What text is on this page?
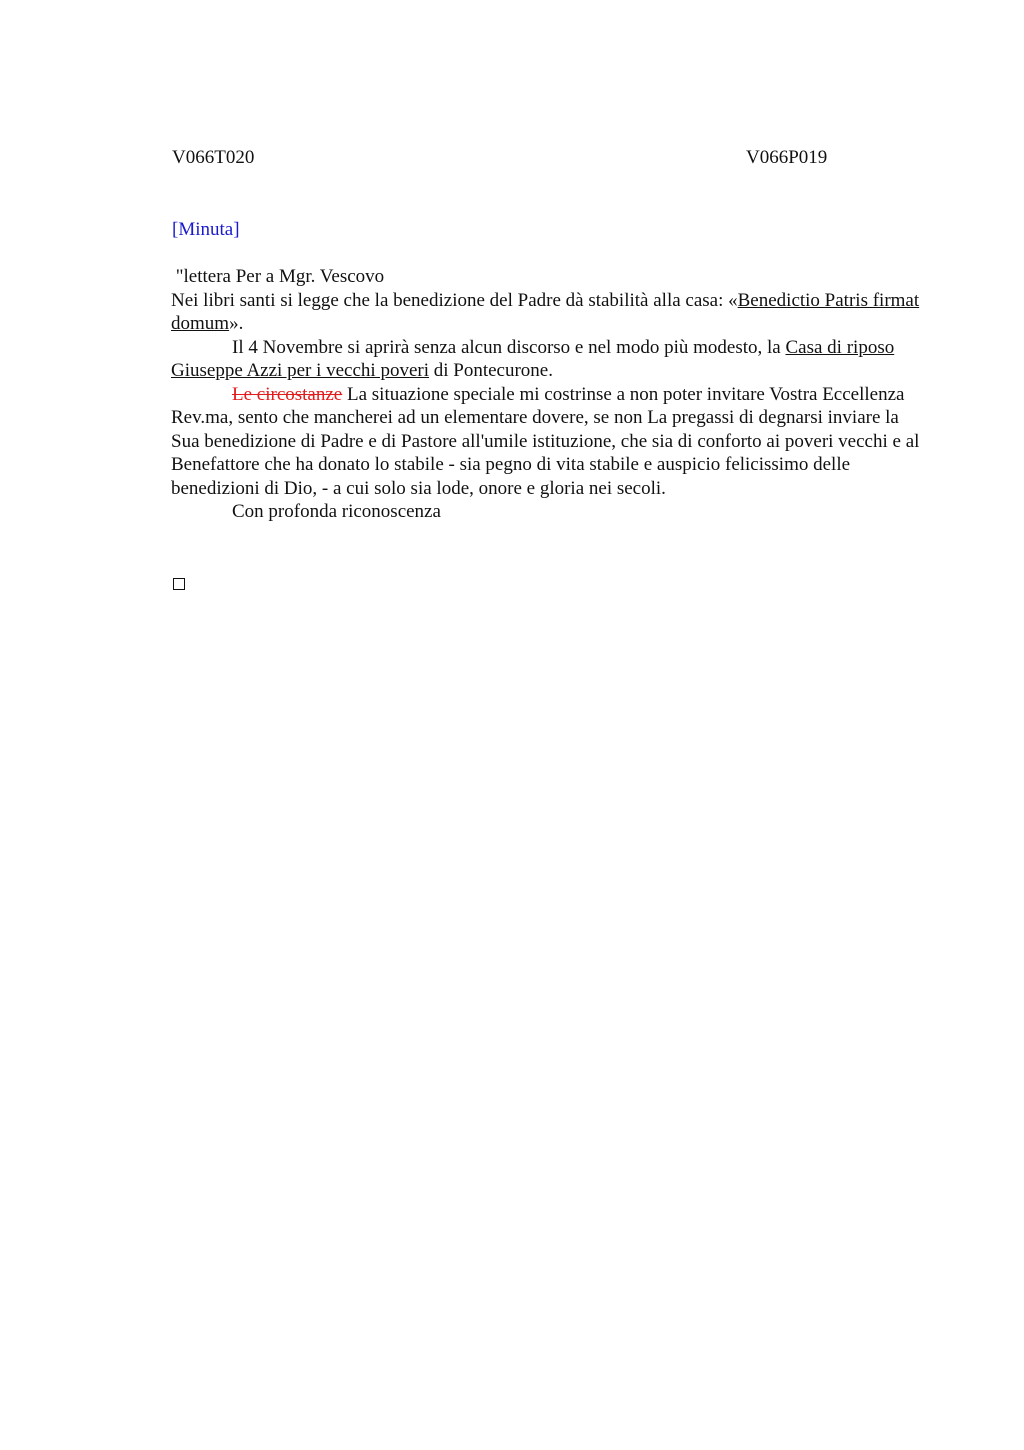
V066T020	V066P019
[Minuta]

"lettera Per a Mgr. Vescovo

Nei libri santi si legge che la benedizione del Padre dà stabilità alla casa: «Benedictio Patris firmat domum».

Il 4 Novembre si aprirà senza alcun discorso e nel modo più modesto, la Casa di riposo Giuseppe Azzi per i vecchi poveri di Pontecurone.

Le circostanze La situazione speciale mi costrinse a non poter invitare Vostra Eccellenza Rev.ma, sento che mancherei ad un elementare dovere, se non La pregassi di degnarsi inviare la Sua benedizione di Padre e di Pastore all'umile istituzione, che sia di conforto ai poveri vecchi e al Benefattore che ha donato lo stabile - sia pegno di vita stabile e auspicio felicissimo delle benedizioni di Dio, - a cui solo sia lode, onore e gloria nei secoli.

Con profonda riconoscenza
